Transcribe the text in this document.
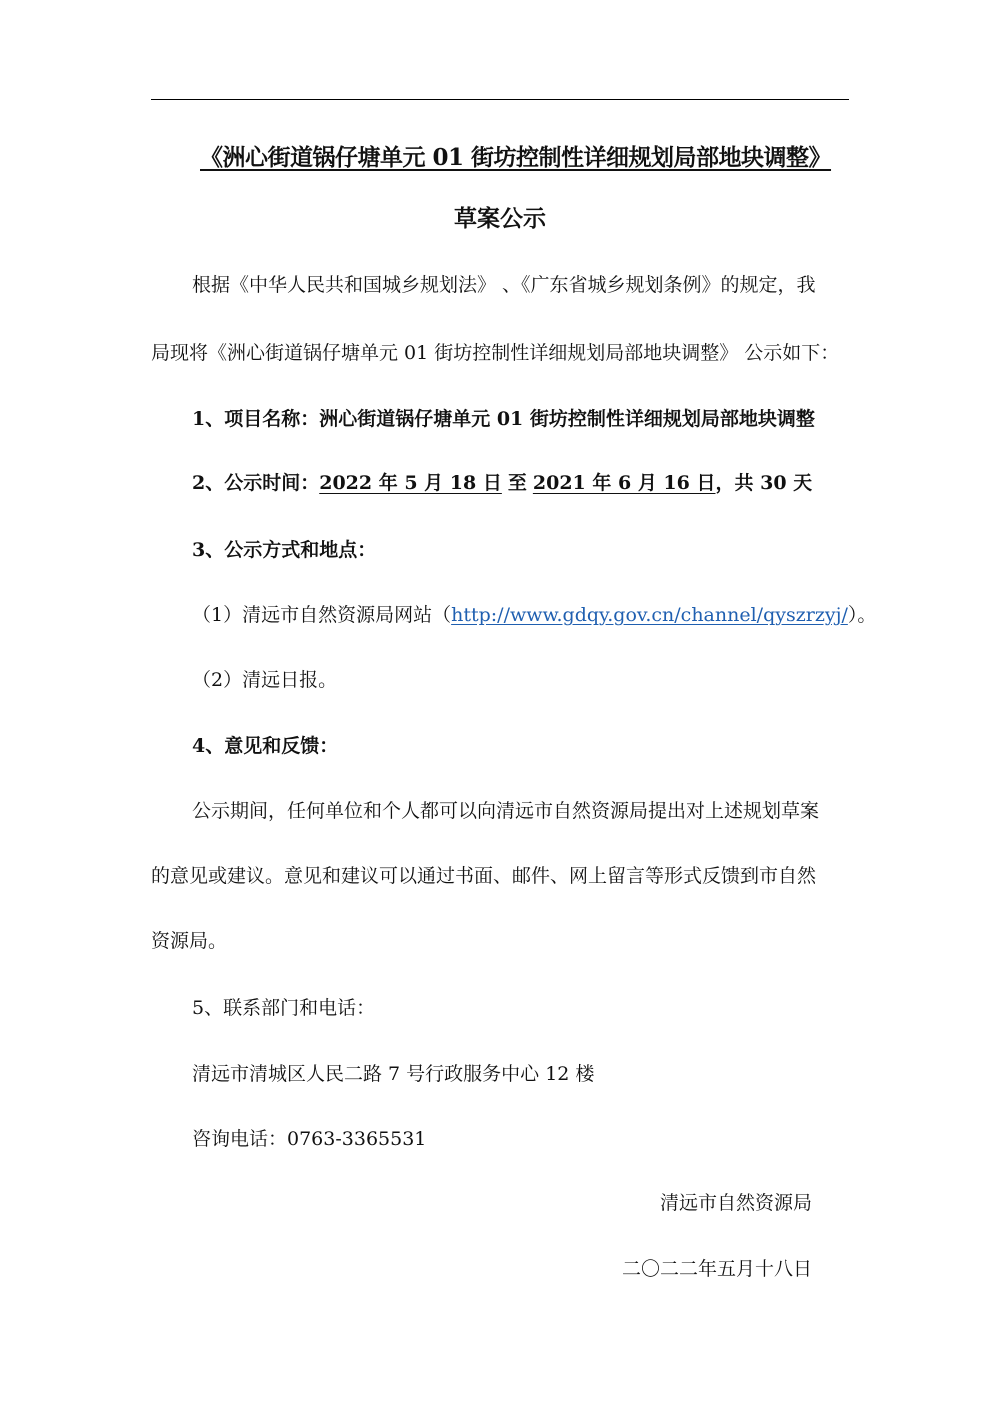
《洲心街道锅仔塘单元 01 街坊控制性详细规划局部地块调整》
草案公示
根据《中华人民共和国城乡规划法》 、《广东省城乡规划条例》的规定，我
局现将《洲心街道锅仔塘单元 01 街坊控制性详细规划局部地块调整》 公示如下：
1、项目名称：洲心街道锅仔塘单元 01 街坊控制性详细规划局部地块调整
2、公示时间：2022 年 5 月 18 日 至 2021 年 6 月 16 日，共 30 天
3、公示方式和地点：
（1）清远市自然资源局网站（http://www.gdqy.gov.cn/channel/qyszrzyj/）。
（2）清远日报。
4、意见和反馈：
公示期间，任何单位和个人都可以向清远市自然资源局提出对上述规划草案
的意见或建议。意见和建议可以通过书面、邮件、网上留言等形式反馈到市自然
资源局。
5、联系部门和电话：
清远市清城区人民二路 7 号行政服务中心 12 楼
咨询电话：0763-3365531
清远市自然资源局
二〇二二年五月十八日
